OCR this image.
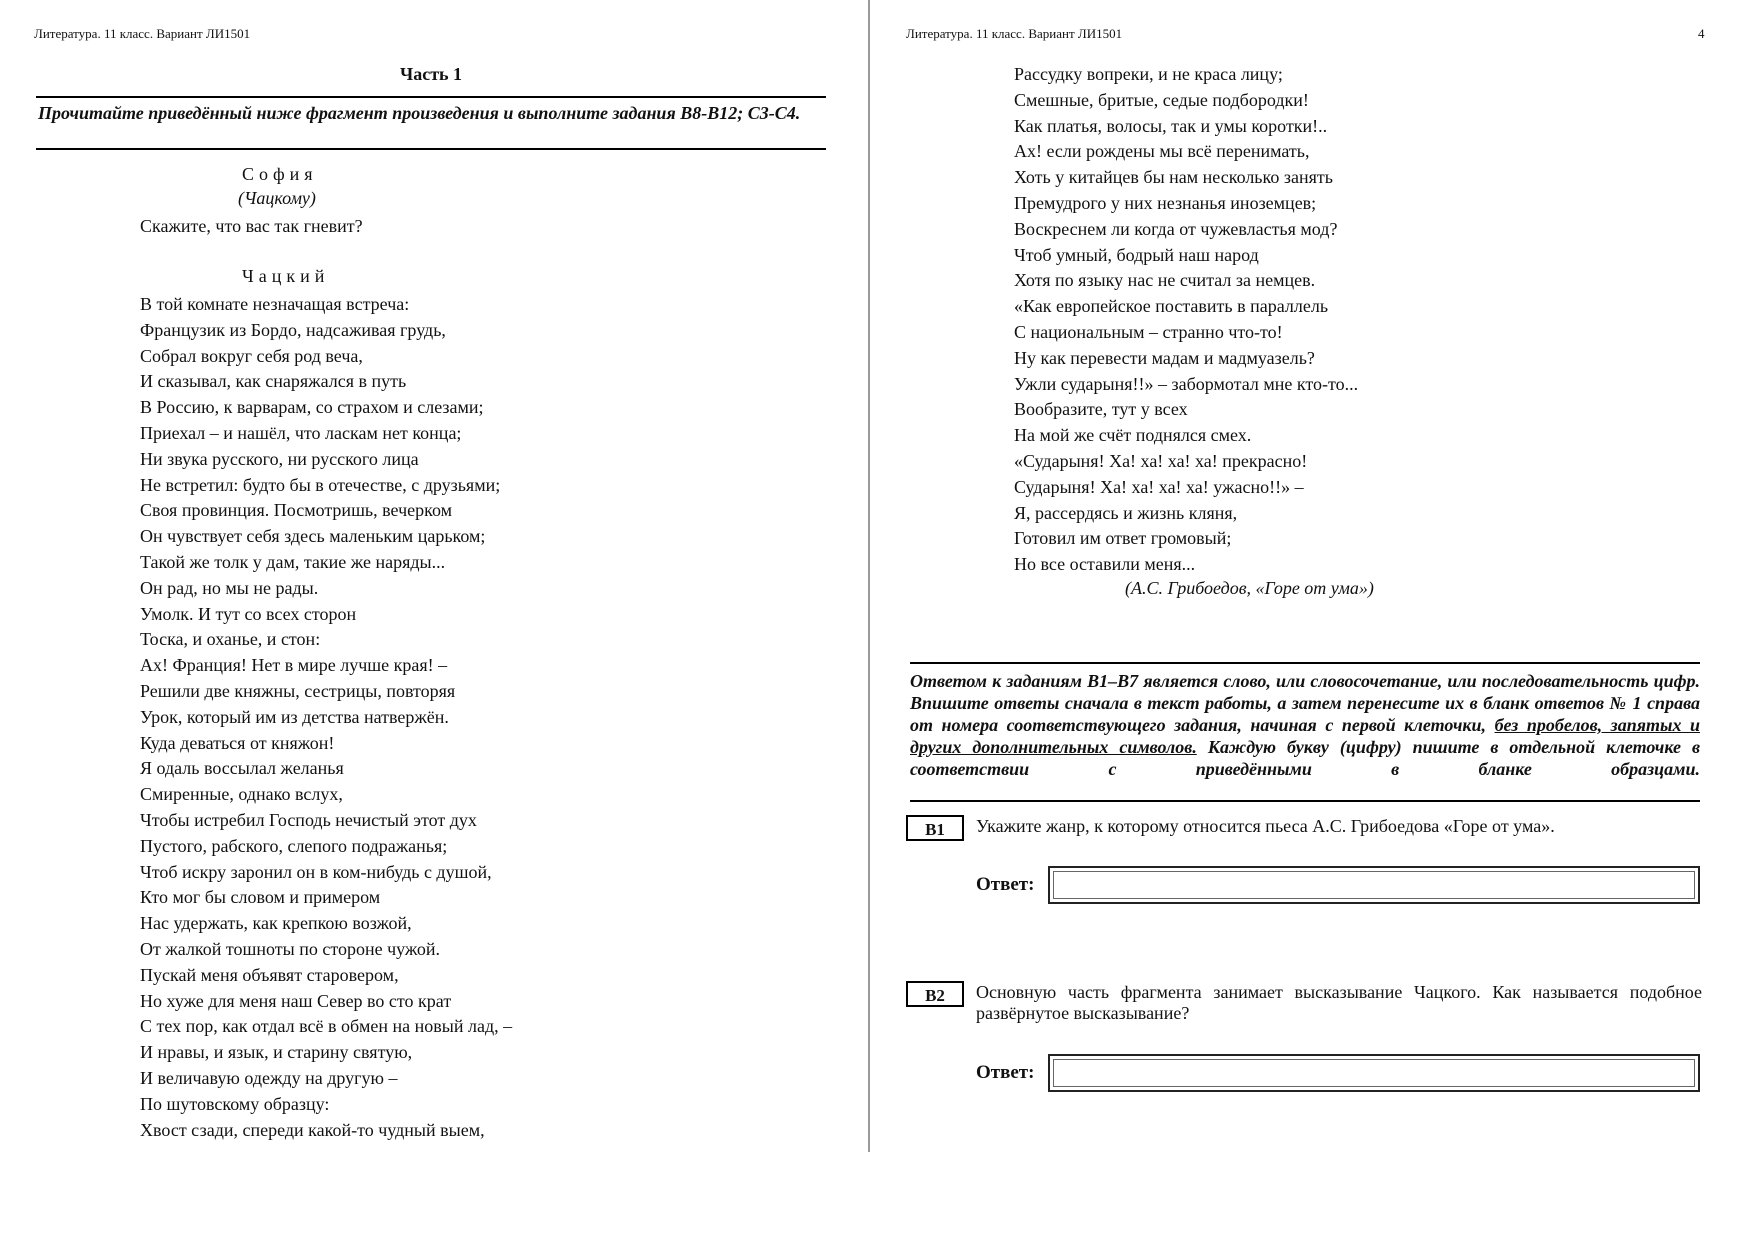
Литература. 11 класс. Вариант ЛИ1501
Часть 1
Прочитайте приведённый ниже фрагмент произведения и выполните задания B8-B12; C3-C4.
София
(Чацкому)
Скажите, что вас так гневит?
Чацкий
В той комнате незначащая встреча:
Французик из Бордо, надсаживая грудь,
Собрал вокруг себя род веча,
И сказывал, как снаряжался в путь
В Россию, к варварам, со страхом и слезами;
Приехал – и нашёл, что ласкам нет конца;
Ни звука русского, ни русского лица
Не встретил: будто бы в отечестве, с друзьями;
Своя провинция. Посмотришь, вечерком
Он чувствует себя здесь маленьким царьком;
Такой же толк у дам, такие же наряды...
Он рад, но мы не рады.
Умолк. И тут со всех сторон
Тоска, и оханье, и стон:
Ах! Франция! Нет в мире лучше края! –
Решили две княжны, сестрицы, повторяя
Урок, который им из детства натвержён.
Куда деваться от княжон!
Я одаль воссылал желанья
Смиренные, однако вслух,
Чтобы истребил Господь нечистый этот дух
Пустого, рабского, слепого подражанья;
Чтоб искру заронил он в ком-нибудь с душой,
Кто мог бы словом и примером
Нас удержать, как крепкою возжой,
От жалкой тошноты по стороне чужой.
Пускай меня объявят старовером,
Но хуже для меня наш Север во сто крат
С тех пор, как отдал всё в обмен на новый лад, –
И нравы, и язык, и старину святую,
И величавую одежду на другую –
По шутовскому образцу:
Хвост сзади, спереди какой-то чудный выем,
Литература. 11 класс. Вариант ЛИ1501	4
Рассудку вопреки, и не краса лицу;
Смешные, бритые, седые подбородки!
Как платья, волосы, так и умы коротки!..
Ах! если рождены мы всё перенимать,
Хоть у китайцев бы нам несколько занять
Премудрого у них незнанья иноземцев;
Воскреснем ли когда от чужевластья мод?
Чтоб умный, бодрый наш народ
Хотя по языку нас не считал за немцев.
«Как европейское поставить в параллель
С национальным – странно что-то!
Ну как перевести мадам и мадмуазель?
Ужли сударыня!!» – забормотал мне кто-то...
Вообразите, тут у всех
На мой же счёт поднялся смех.
«Сударыня! Ха! ха! ха! ха! прекрасно!
Сударыня! Ха! ха! ха! ха! ужасно!!» –
Я, рассердясь и жизнь кляня,
Готовил им ответ громовый;
Но все оставили меня...
(А.С. Грибоедов, «Горе от ума»)
Ответом к заданиям B1–B7 является слово, или словосочетание, или последовательность цифр. Впишите ответы сначала в текст работы, а затем перенесите их в бланк ответов № 1 справа от номера соответствующего задания, начиная с первой клеточки, без пробелов, запятых и других дополнительных символов. Каждую букву (цифру) пишите в отдельной клеточке в соответствии с приведёнными в бланке образцами.
B1	Укажите жанр, к которому относится пьеса А.С. Грибоедова «Горе от ума».
Ответ:
B2	Основную часть фрагмента занимает высказывание Чацкого. Как называется подобное развёрнутое высказывание?
Ответ:
